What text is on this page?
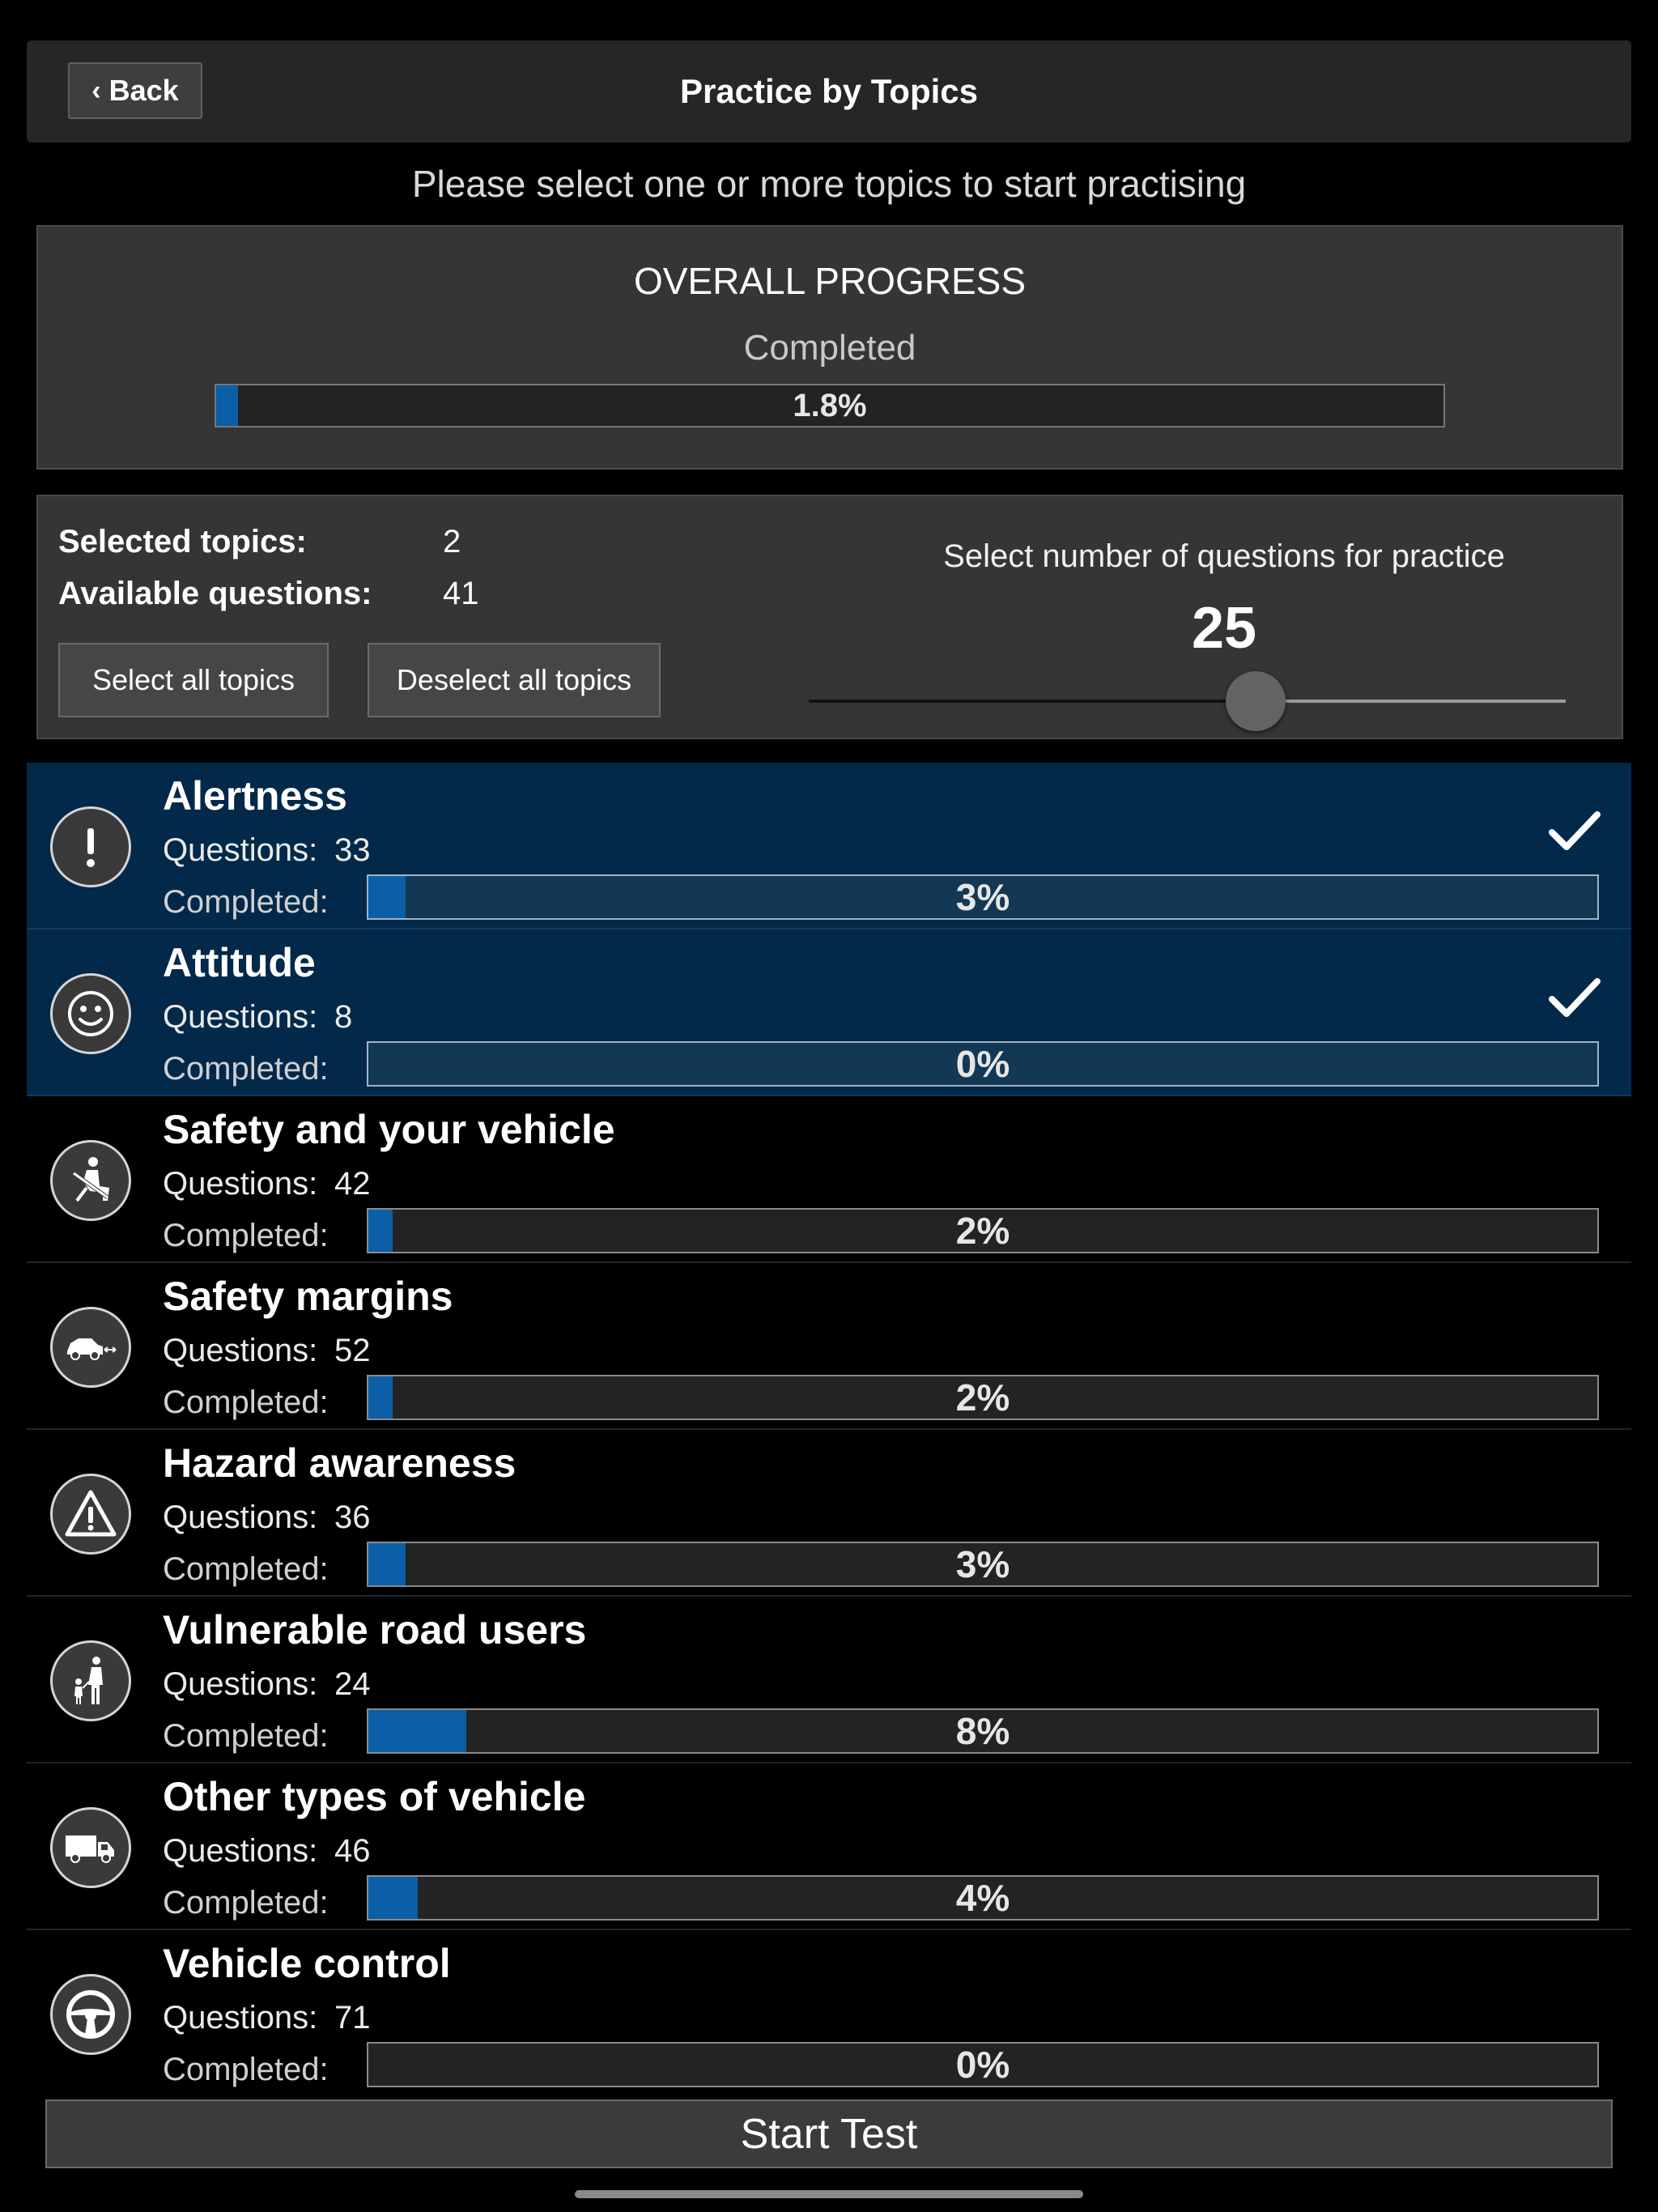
‹ Back	Practice by Topics
Please select one or more topics to start practising
OVERALL PROGRESS
Completed
1.8%
Selected topics:	2
Available questions: 41
Select all topics	Deselect all topics
Select number of questions for practice
25
Alertness
Questions: 33
Completed:	3%
Attitude
Questions: 8
Completed:	0%
Safety and your vehicle
Questions: 42
Completed:	2%
Safety margins
Questions: 52
Completed:	2%
Hazard awareness
Questions: 36
Completed:	3%
Vulnerable road users
Questions: 24
Completed:	8%
Other types of vehicle
Questions: 46
Completed:	4%
Vehicle control
Questions: 71
Completed:	0%
Start Test
